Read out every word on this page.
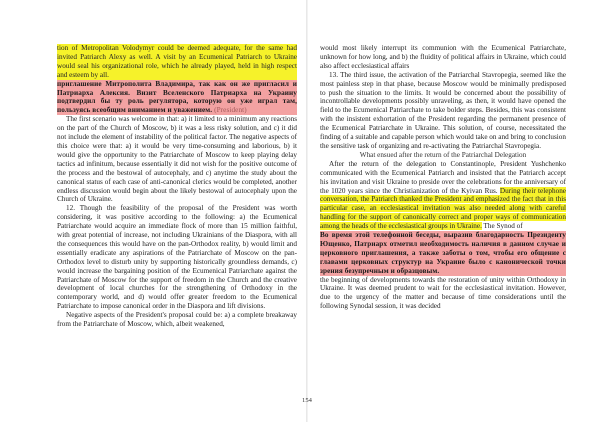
tion of Metropolitan Volodymyr could be deemed adequate, for the same had invited Patriarch Alexy as well. A visit by an Ecumenical Patriarch to Ukraine would seal his organizational role, which he already played, held in high respect and esteem by all.

приглашение Митрополита Владимира, так как он же пригласил и Патриарха Алексия. Визит Вселенского Патриарха на Украину подтвердил бы ту роль регулятора, которую он уже играл там, пользуясь всеобщим вниманием и уважением. (President)

The first scenario was welcome in that: a) it limited to a minimum any reactions on the part of the Church of Moscow, b) it was a less risky solution, and c) it did not include the element of instability of the political factor. The negative aspects of this choice were that: a) it would be very time-consuming and laborious, b) it would give the opportunity to the Patriarchate of Moscow to keep playing delay tactics ad infinitum, because essentially it did not wish for the positive outcome of the process and the bestowal of autocephaly, and c) anytime the study about the canonical status of each case of anti-canonical clerics would be completed, another endless discussion would begin about the likely bestowal of autocephaly upon the Church of Ukraine.

12. Though the feasibility of the proposal of the President was worth considering, it was positive according to the following: a) the Ecumenical Patriarchate would acquire an immediate flock of more than 15 million faithful, with great potential of increase, not including Ukrainians of the Diaspora, with all the consequences this would have on the pan-Orthodox reality, b) would limit and essentially eradicate any aspirations of the Patriarchate of Moscow on the pan-Orthodox level to disturb unity by supporting historically groundless demands, c) would increase the bargaining position of the Ecumenical Patriarchate against the Patriarchate of Moscow for the support of freedom in the Church and the creative development of local churches for the strengthening of Orthodoxy in the contemporary world, and d) would offer greater freedom to the Ecumenical Patriarchate to impose canonical order in the Diaspora and lift divisions.

Negative aspects of the President's proposal could be: a) a complete breakaway from the Patriarchate of Moscow, which, albeit weakened,

would most likely interrupt its communion with the Ecumenical Patriarchate, unknown for how long, and b) the fluidity of political affairs in Ukraine, which could also affect ecclesiastical affairs

13. The third issue, the activation of the Patriarchal Stavropegia, seemed like the most painless step in that phase, because Moscow would be minimally predisposed to push the situation to the limits. It would be concerned about the possibility of incontrollable developments possibly unraveling, as then, it would have opened the field to the Ecumenical Patriarchate to take bolder steps. Besides, this was consistent with the insistent exhortation of the President regarding the permanent presence of the Ecumenical Patriarchate in Ukraine. This solution, of course, necessitated the finding of a suitable and capable person which would take on and bring to conclusion the sensitive task of organizing and re-activating the Patriarchal Stavropegia.

What ensued after the return of the Patriarchal Delegation

After the return of the delegation to Constantinople, President Yushchenko communicated with the Ecumenical Patriarch and insisted that the Patriarch accept his invitation and visit Ukraine to preside over the celebrations for the anniversary of the 1020 years since the Christianization of the Kyivan Rus. During their telephone conversation, the Patriarch thanked the President and emphasized the fact that in this particular case, an ecclesiastical invitation was also needed along with careful handling for the support of canonically correct and proper ways of communication among the heads of the ecclesiastical groups in Ukraine. The Synod of

Во время этой телефонной беседы, выразив благодарность Президенту Ющенко, Патриарх отметил необходимость наличия в данном случае и церковного приглашения, а также заботы о том, чтобы его общение с главами церковных структур на Украине было с канонической точки зрения безупречным и образцовым.

the beginning of developments towards the restoration of unity within Orthodoxy in Ukraine. It was deemed prudent to wait for the ecclesiastical invitation. However, due to the urgency of the matter and because of time considerations until the following Synodal session, it was decided

154
